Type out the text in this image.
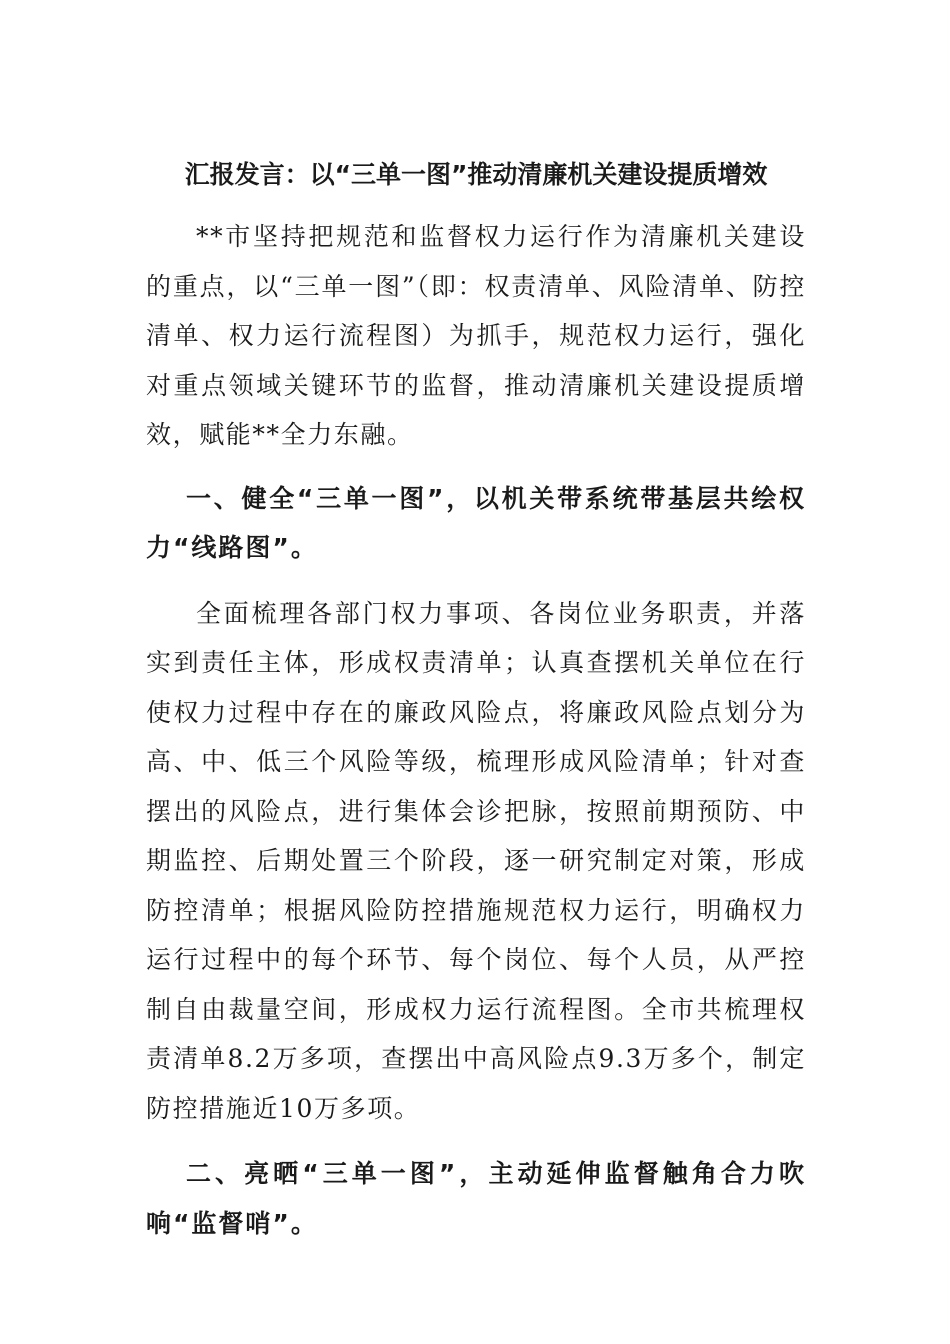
汇报发言：以“三单一图”推动清廉机关建设提质增效

**市坚持把规范和监督权力运行作为清廉机关建设的重点，以“三单一图”（即：权责清单、风险清单、防控清单、权力运行流程图）为抓手，规范权力运行，强化对重点领域关键环节的监督，推动清廉机关建设提质增效，赋能**全力东融。

一、健全“三单一图”，以机关带系统带基层共绘权力“线路图”。

全面梳理各部门权力事项、各岗位业务职责，并落实到责任主体，形成权责清单；认真查摆机关单位在行使权力过程中存在的廉政风险点，将廉政风险点划分为高、中、低三个风险等级，梳理形成风险清单；针对查摆出的风险点，进行集体会诊把脉，按照前期预防、中期监控、后期处置三个阶段，逐一研究制定对策，形成防控清单；根据风险防控措施规范权力运行，明确权力运行过程中的每个环节、每个岗位、每个人员，从严控制自由裁量空间，形成权力运行流程图。全市共梳理权责清单8.2万多项，查摆出中高风险点9.3万多个，制定防控措施近10万多项。

二、亮晒“三单一图”，主动延伸监督触角合力吹响“监督哨”。
